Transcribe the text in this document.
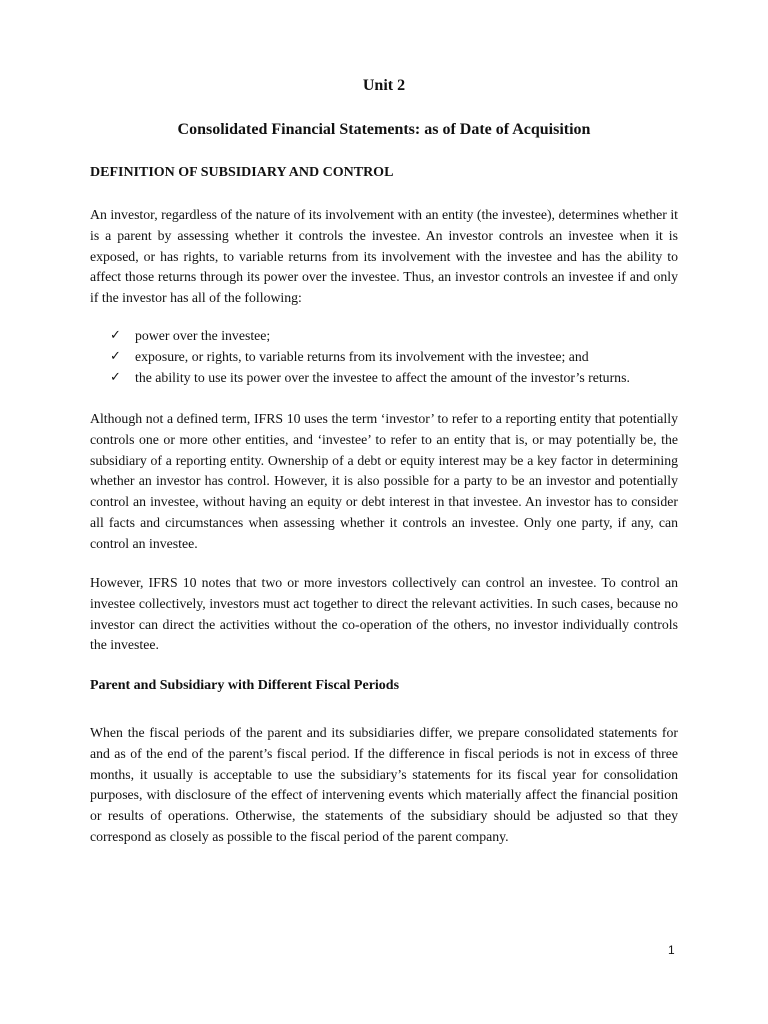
Unit 2
Consolidated Financial Statements: as of Date of Acquisition
DEFINITION OF SUBSIDIARY AND CONTROL

An investor, regardless of the nature of its involvement with an entity (the investee), determines whether it is a parent by assessing whether it controls the investee. An investor controls an investee when it is exposed, or has rights, to variable returns from its involvement with the investee and has the ability to affect those returns through its power over the investee. Thus, an investor controls an investee if and only if the investor has all of the following:

✓ power over the investee;
✓ exposure, or rights, to variable returns from its involvement with the investee; and
✓ the ability to use its power over the investee to affect the amount of the investor’s returns.

Although not a defined term, IFRS 10 uses the term ‘investor’ to refer to a reporting entity that potentially controls one or more other entities, and ‘investee’ to refer to an entity that is, or may potentially be, the subsidiary of a reporting entity. Ownership of a debt or equity interest may be a key factor in determining whether an investor has control. However, it is also possible for a party to be an investor and potentially control an investee, without having an equity or debt interest in that investee. An investor has to consider all facts and circumstances when assessing whether it controls an investee. Only one party, if any, can control an investee.

However, IFRS 10 notes that two or more investors collectively can control an investee. To control an investee collectively, investors must act together to direct the relevant activities. In such cases, because no investor can direct the activities without the co-operation of the others, no investor individually controls the investee.

Parent and Subsidiary with Different Fiscal Periods

When the fiscal periods of the parent and its subsidiaries differ, we prepare consolidated statements for and as of the end of the parent’s fiscal period. If the difference in fiscal periods is not in excess of three months, it usually is acceptable to use the subsidiary’s statements for its fiscal year for consolidation purposes, with disclosure of the effect of intervening events which materially affect the financial position or results of operations. Otherwise, the statements of the subsidiary should be adjusted so that they correspond as closely as possible to the fiscal period of the parent company.

1
